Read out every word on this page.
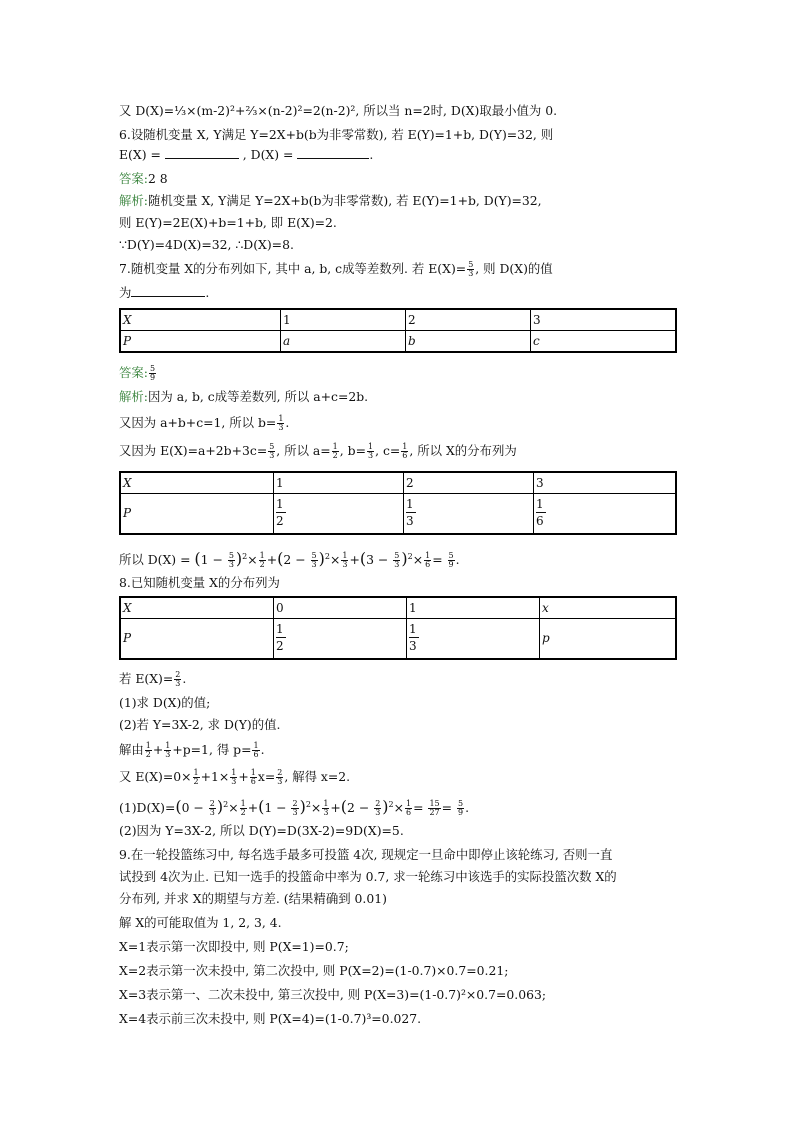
又 D(X)=⅓×(m-2)²+⅔×(n-2)²=2(n-2)², 所以当 n=2时, D(X)取最小值为 0.
6.设随机变量 X, Y满足 Y=2X+b(b为非零常数), 若 E(Y)=1+b, D(Y)=32, 则
E(X) =	, D(X) =	.
答案:2 8
解析:随机变量 X, Y满足 Y=2X+b(b为非零常数), 若 E(Y)=1+b, D(Y)=32,
则 E(Y)=2E(X)+b=1+b, 即 E(X)=2.
∵D(Y)=4D(X)=32, ∴D(X)=8.
7.随机变量 X的分布列如下, 其中 a, b, c成等差数列. 若 $E(X)= \frac{5}{3}$ , 则 D(X)的值
为	.
X	1	2	3
P	a	b	c
答案: $\frac{5}{9}$
解析:因为 a, b, c成等差数列, 所以 a+c=2b.
又因为 a+b+c=1, 所以 $b= \frac{1}{3}$ .
又因为 $E(X)=a+2b+3c= \frac{5}{3}$ , 所以 $a= \frac{1}{2}$ , $b= \frac{1}{3}$ , $c= \frac{1}{6}$ , 所以 X的分布列为
X	1	2	3
P	$\frac{1}{2}$	$\frac{1}{3}$	$\frac{1}{6}$
所以 $D(X) = (1 - \frac{5}{3} )^2\times \frac{1}{2} +(2 - \frac{5}{3} )^2\times \frac{1}{3} +(3 - \frac{5}{3} )^2\times \frac{1}{6} = \frac{5}{9}$ .
8.已知随机变量 X的分布列为
X	0	1	x
P	$\frac{1}{2}$	$\frac{1}{3}$	p
若 $E(X)= \frac{2}{3}$ .
(1)求 D(X)的值;
(2)若 Y=3X-2, 求 D(Y)的值.
解由 $\frac{1}{2} + \frac{1}{3} +p=1$, 得 $p= \frac{1}{6}$ .
又 $E(X)=0\times \frac{1}{2} +1\times \frac{1}{3} + \frac{1}{6} x= \frac{2}{3}$ , 解得 x=2.
$(1)D(X)=(0 - \frac{2}{3} )^2\times \frac{1}{2} +(1 - \frac{2}{3} )^2\times \frac{1}{3} +(2 - \frac{2}{3} )^2\times \frac{1}{6} = \frac{15}{27} = \frac{5}{9}$ .
(2)因为 Y=3X-2, 所以 D(Y)=D(3X-2)=9D(X)=5.
9.在一轮投篮练习中, 每名选手最多可投篮 4次, 现规定一旦命中即停止该轮练习, 否则一直
试投到 4次为止. 已知一选手的投篮命中率为 0.7, 求一轮练习中该选手的实际投篮次数 X的
分布列, 并求 X的期望与方差. (结果精确到 0.01)
解 X的可能取值为 1, 2, 3, 4.
X=1表示第一次即投中, 则 P(X=1)=0.7;
X=2表示第一次未投中, 第二次投中, 则 P(X=2)=(1-0.7)×0.7=0.21;
X=3表示第一、二次未投中, 第三次投中, 则 P(X=3)=(1-0.7)²×0.7=0.063;
X=4表示前三次未投中, 则 P(X=4)=(1-0.7)³=0.027.
